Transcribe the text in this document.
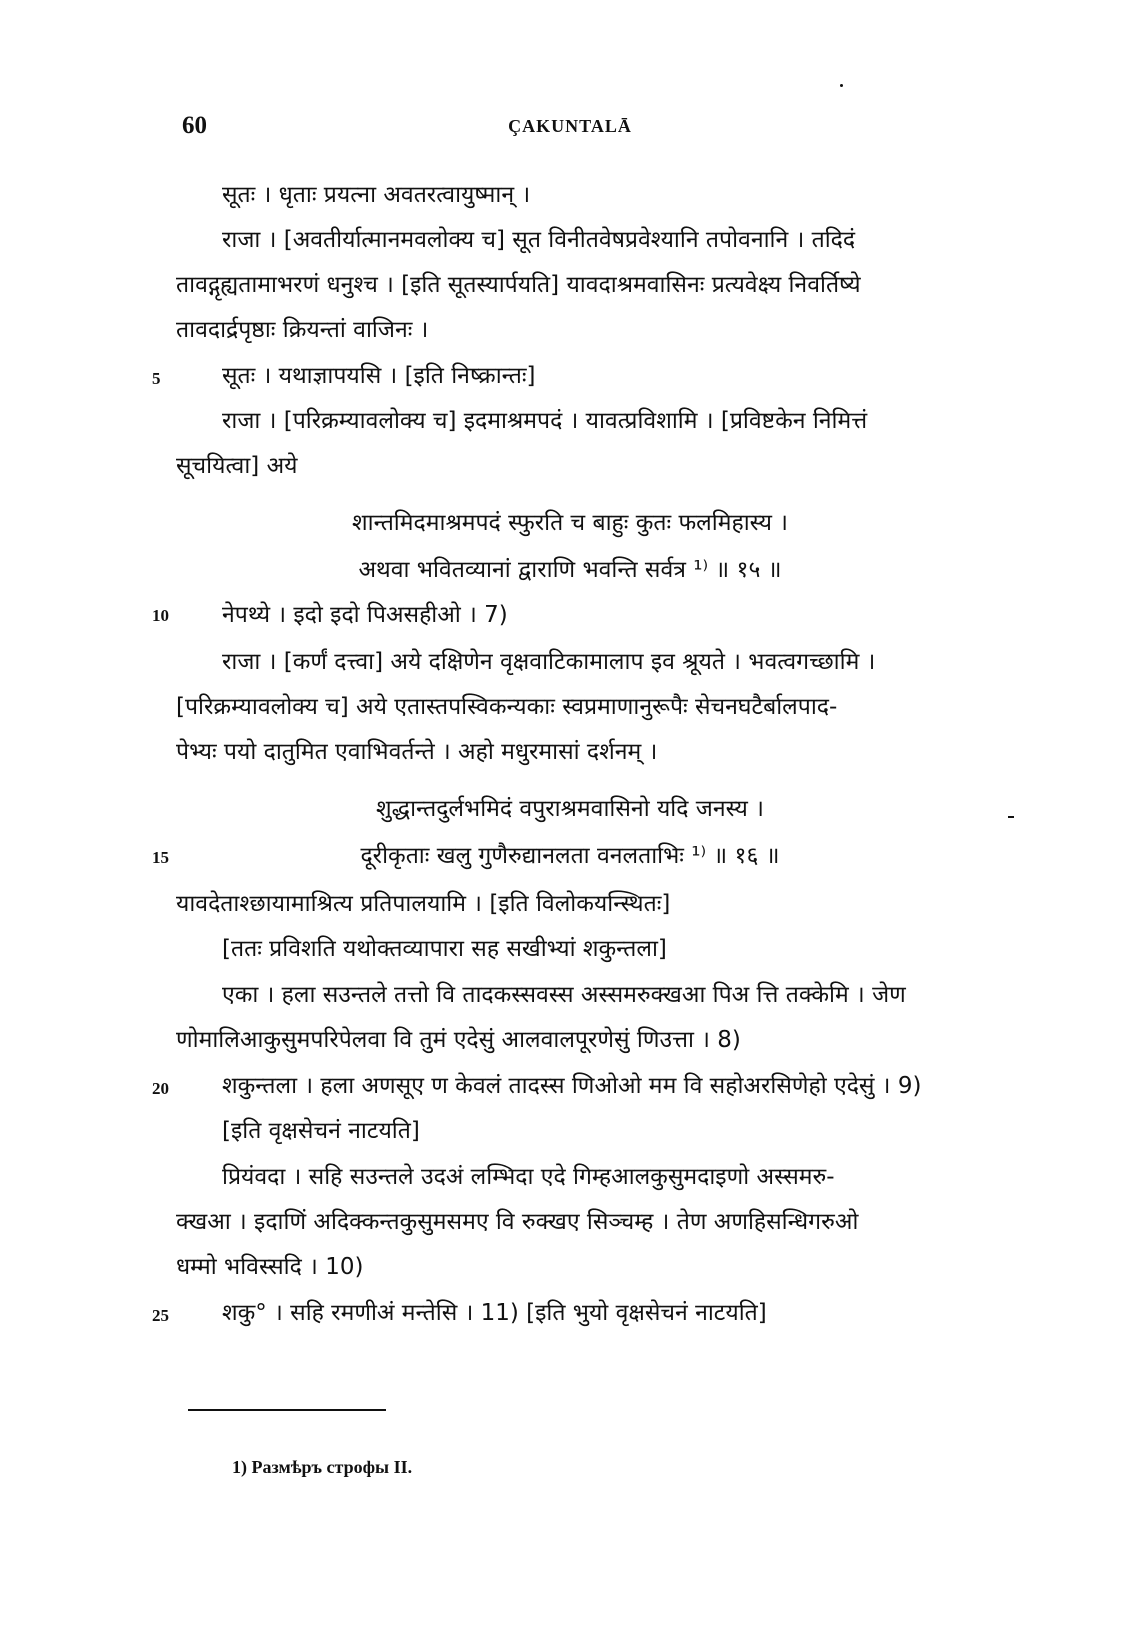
60	ÇAKUNTALĀ
सूतः । धृताः प्रयत्ना अवतरत्वायुष्मान् ।
राजा । [अवतीर्यात्मानमवलोक्य च] सूत विनीतवेषप्रवेश्यानि तपोवनानि । तदिदं
तावद्गृह्यतामाभरणं धनुश्च । [इति सूतस्यार्पयति] यावदाश्रमवासिनः प्रत्यवेक्ष्य निवर्तिष्ये
तावदार्द्रपृष्ठाः क्रियन्तां वाजिनः ।
5	सूतः । यथाज्ञापयसि । [इति निष्क्रान्तः]
राजा । [परिक्रम्यावलोक्य च] इदमाश्रमपदं । यावत्प्रविशामि । [प्रविष्टकेन निमित्तं
सूचयित्वा] अये
शान्तमिदमाश्रमपदं स्फुरति च बाहुः कुतः फलमिहास्य ।
अथवा भवितव्यानां द्वाराणि भवन्ति सर्वत्र ¹⁾ ॥ १५ ॥
10 नेपथ्ये । इदो इदो पिअसहीओ । 7)
राजा । [कर्णं दत्त्वा] अये दक्षिणेन वृक्षवाटिकामालाप इव श्रूयते । भवत्वगच्छामि ।
[परिक्रम्यावलोक्य च] अये एतास्तपस्विकन्यकाः स्वप्रमाणानुरूपैः सेचनघटैर्बालपाद-
पेभ्यः पयो दातुमित एवाभिवर्तन्ते । अहो मधुरमासां दर्शनम् ।
शुद्धान्तदुर्लभमिदं वपुराश्रमवासिनो यदि जनस्य ।
15	दूरीकृताः खलु गुणैरुद्यानलता वनलताभिः ¹⁾ ॥ १६ ॥
यावदेताश्छायामाश्रित्य प्रतिपालयामि । [इति विलोकयन्स्थितः]
[ततः प्रविशति यथोक्तव्यापारा सह सखीभ्यां शकुन्तला]
एका । हला सउन्तले तत्तो वि तादकस्सवस्स अस्समरुक्खआ पिअ त्ति तक्केमि । जेण
णोमालिआकुसुमपरिपेलवा वि तुमं एदेसुं आलवालपूरणेसुं णिउत्ता । 8)
20 शकुन्तला । हला अणसूए ण केवलं तादस्स णिओओ मम वि सहोअरसिणेहो एदेसुं । 9)
[इति वृक्षसेचनं नाटयति]
प्रियंवदा । सहि सउन्तले उदअं लम्भिदा एदे गिम्हआलकुसुमदाइणो अस्समरु-
क्खआ । इदाणिं अदिक्कन्तकुसुमसमए वि रुक्खए सिञ्चम्ह । तेण अणहिसन्धिगरुओ
धम्मो भविस्सदि । 10)
25 शकु° । सहि रमणीअं मन्तेसि । 11) [इति भुयो वृक्षसेचनं नाटयति]
1) Размѣръ строфы II.
